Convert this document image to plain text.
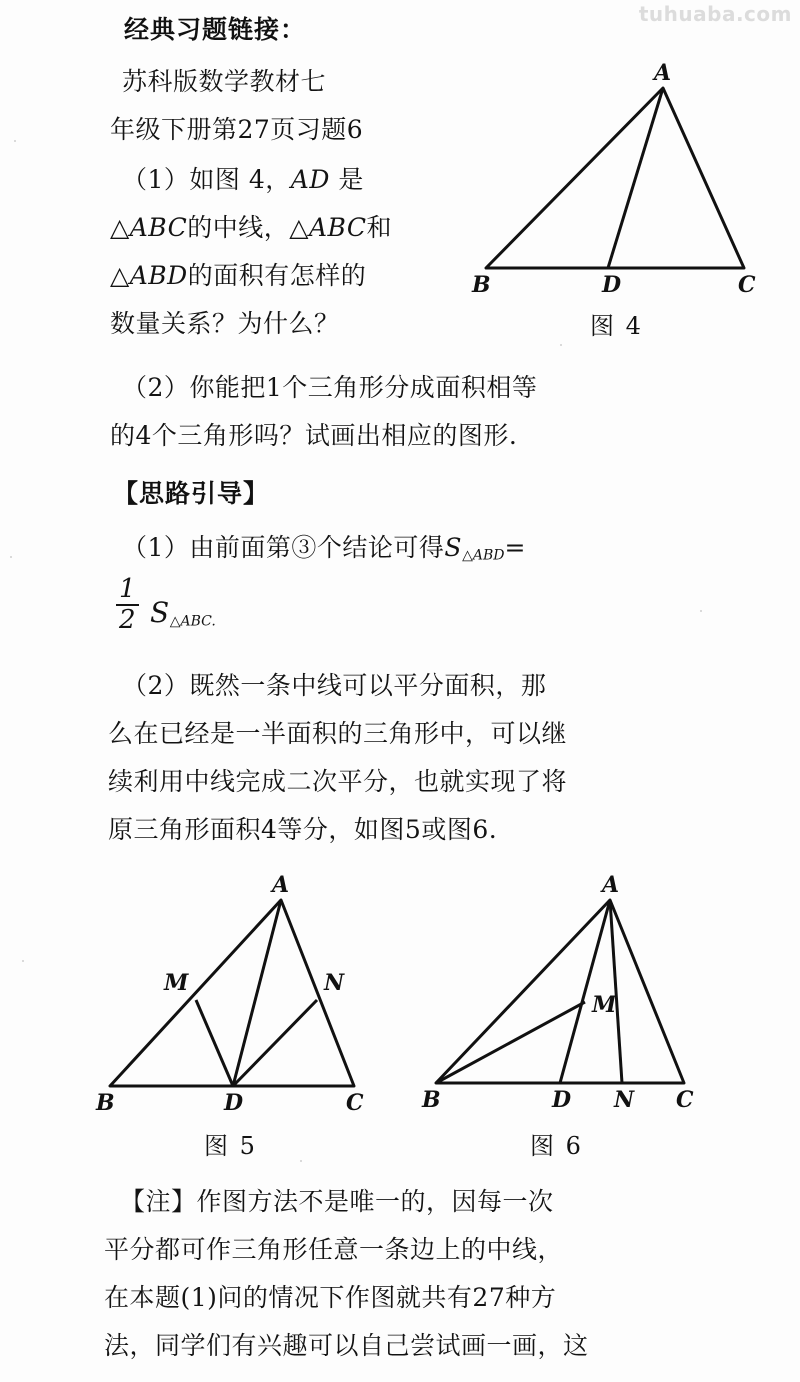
tuhuaba.com
经典习题链接：
苏科版数学教材七
年级下册第27页习题6
（1）如图 4，AD 是
△ABC的中线，△ABC和
△ABD的面积有怎样的
数量关系？为什么？
（2）你能把1个三角形分成面积相等
的4个三角形吗？试画出相应的图形.
【思路引导】
（1）由前面第③个结论可得$S_{\triangle ABD}=$
1
2 $S_{\triangle ABC.}$
（2）既然一条中线可以平分面积，那
么在已经是一半面积的三角形中，可以继
续利用中线完成二次平分，也就实现了将
原三角形面积4等分，如图5或图6.
A
B	D	C
图 4
A
B	D	C
M	N
图 5
A
B	D N C
M
图 6
【注】作图方法不是唯一的，因每一次
平分都可作三角形任意一条边上的中线，
在本题(1)问的情况下作图就共有27种方
法，同学们有兴趣可以自己尝试画一画，这
